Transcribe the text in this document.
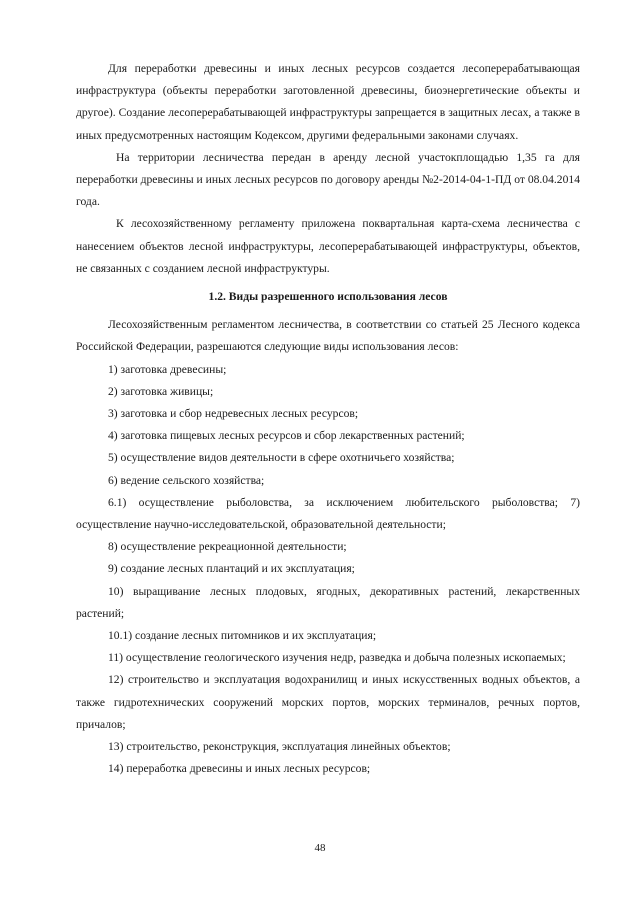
Для переработки древесины и иных лесных ресурсов создается лесоперерабатывающая инфраструктура (объекты переработки заготовленной древесины, биоэнергетические объекты и другое). Создание лесоперерабатывающей инфраструктуры запрещается в защитных лесах, а также в иных предусмотренных настоящим Кодексом, другими федеральными законами случаях.

На территории лесничества передан в аренду лесной участокплощадью 1,35 га для переработки древесины и иных лесных ресурсов по договору аренды №2-2014-04-1-ПД от 08.04.2014 года.

К лесохозяйственному регламенту приложена поквартальная карта-схема лесничества с нанесением объектов лесной инфраструктуры, лесоперерабатывающей инфраструктуры, объектов, не связанных с созданием лесной инфраструктуры.

1.2. Виды разрешенного использования лесов

Лесохозяйственным регламентом лесничества, в соответствии со статьей 25 Лесного кодекса Российской Федерации, разрешаются следующие виды использования лесов:

1) заготовка древесины;

2) заготовка живицы;

3) заготовка и сбор недревесных лесных ресурсов;

4) заготовка пищевых лесных ресурсов и сбор лекарственных растений;

5) осуществление видов деятельности в сфере охотничьего хозяйства;

6) ведение сельского хозяйства;

6.1) осуществление рыболовства, за исключением любительского рыболовства; 7) осуществление научно-исследовательской, образовательной деятельности;

8) осуществление рекреационной деятельности;

9) создание лесных плантаций и их эксплуатация;

10) выращивание лесных плодовых, ягодных, декоративных растений, лекарственных растений;

10.1) создание лесных питомников и их эксплуатация;

11) осуществление геологического изучения недр, разведка и добыча полезных ископаемых;

12) строительство и эксплуатация водохранилищ и иных искусственных водных объектов, а также гидротехнических сооружений морских портов, морских терминалов, речных портов, причалов;

13) строительство, реконструкция, эксплуатация линейных объектов;

14) переработка древесины и иных лесных ресурсов;

48
